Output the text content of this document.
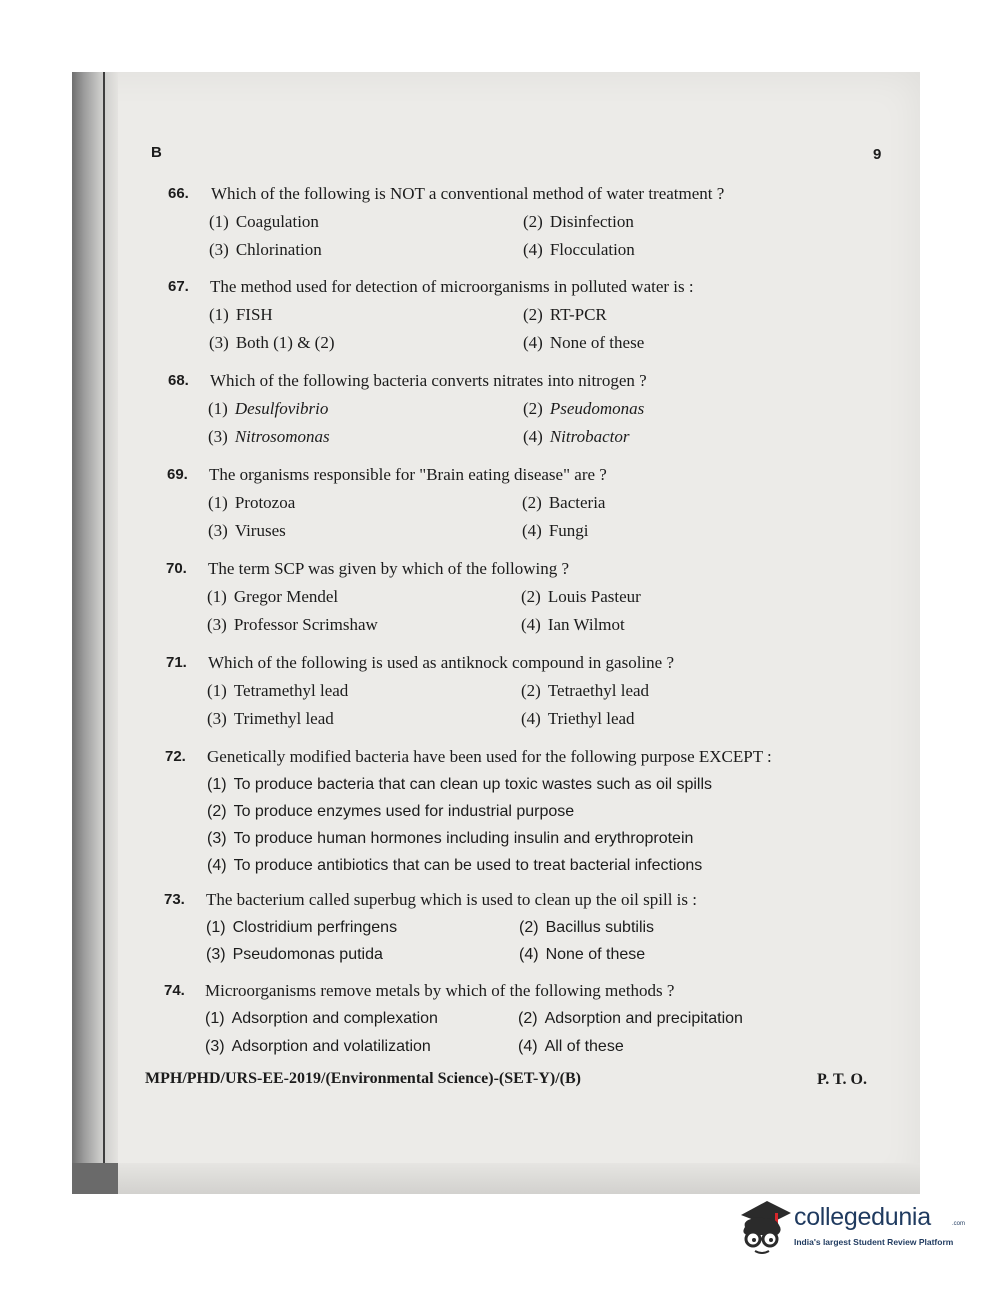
B	9
66. Which of the following is NOT a conventional method of water treatment ?
(1) Coagulation	(2) Disinfection
(3) Chlorination	(4) Flocculation
67. The method used for detection of microorganisms in polluted water is :
(1) FISH	(2) RT-PCR
(3) Both (1) & (2)	(4) None of these
68. Which of the following bacteria converts nitrates into nitrogen ?
(1) Desulfovibrio	(2) Pseudomonas
(3) Nitrosomonas	(4) Nitrobactor
69. The organisms responsible for "Brain eating disease" are ?
(1) Protozoa	(2) Bacteria
(3) Viruses	(4) Fungi
70. The term SCP was given by which of the following ?
(1) Gregor Mendel	(2) Louis Pasteur
(3) Professor Scrimshaw	(4) Ian Wilmot
71. Which of the following is used as antiknock compound in gasoline ?
(1) Tetramethyl lead	(2) Tetraethyl lead
(3) Trimethyl lead	(4) Triethyl lead
72. Genetically modified bacteria have been used for the following purpose EXCEPT :
(1) To produce bacteria that can clean up toxic wastes such as oil spills
(2) To produce enzymes used for industrial purpose
(3) To produce human hormones including insulin and erythroprotein
(4) To produce antibiotics that can be used to treat bacterial infections
73. The bacterium called superbug which is used to clean up the oil spill is :
(1) Clostridium perfringens	(2) Bacillus subtilis
(3) Pseudomonas putida	(4) None of these
74. Microorganisms remove metals by which of the following methods ?
(1) Adsorption and complexation	(2) Adsorption and precipitation
(3) Adsorption and volatilization	(4) All of these
MPH/PHD/URS-EE-2019/(Environmental Science)-(SET-Y)/(B)	P. T. O.
collegedunia	.com
India's largest Student Review Platform
